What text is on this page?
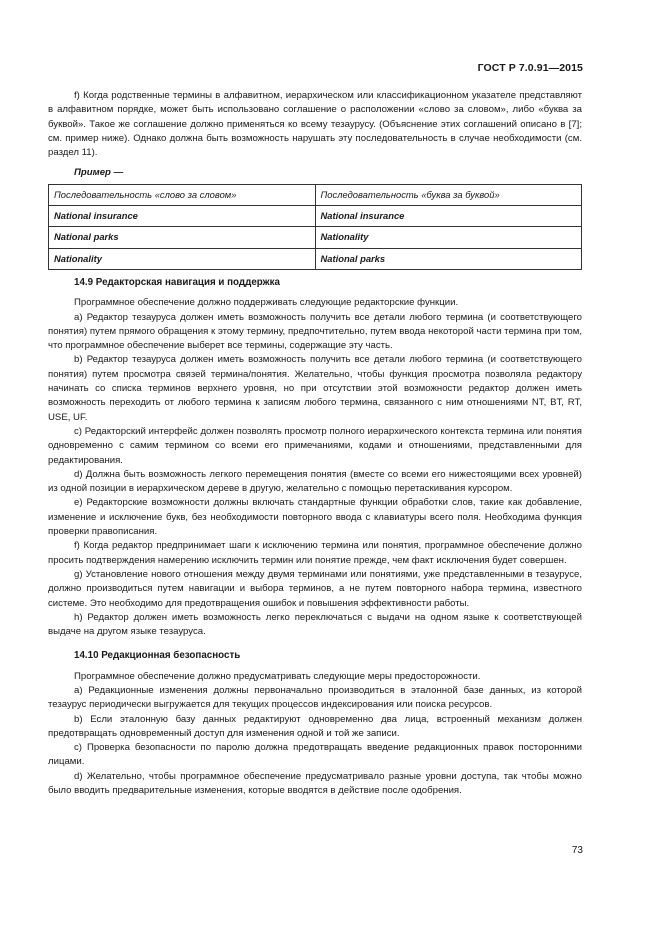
ГОСТ Р 7.0.91—2015

f) Когда родственные термины в алфавитном, иерархическом или классификационном указателе представляют в алфавитном порядке, может быть использовано соглашение о расположении «слово за словом», либо «буква за буквой». Такое же соглашение должно применяться ко всему тезаурусу. (Объяснение этих соглашений описано в [7]; см. пример ниже). Однако должна быть возможность нарушать эту последовательность в случае необходимости (см. раздел 11).

Пример —
Последовательность «слово за словом»	Последовательность «буква за буквой»
National insurance	National insurance
National parks	Nationality
Nationality	National parks
14.9 Редакторская навигация и поддержка

Программное обеспечение должно поддерживать следующие редакторские функции.

а) Редактор тезауруса должен иметь возможность получить все детали любого термина (и соответствующего понятия) путем прямого обращения к этому термину, предпочтительно, путем ввода некоторой части термина при том, что программное обеспечение выберет все термины, содержащие эту часть.

b) Редактор тезауруса должен иметь возможность получить все детали любого термина (и соответствующего понятия) путем просмотра связей термина/понятия. Желательно, чтобы функция просмотра позволяла редактору начинать со списка терминов верхнего уровня, но при отсутствии этой возможности редактор должен иметь возможность переходить от любого термина к записям любого термина, связанного с ним отношениями NT, BT, RT, USE, UF.

с) Редакторский интерфейс должен позволять просмотр полного иерархического контекста термина или понятия одновременно с самим термином со всеми его примечаниями, кодами и отношениями, представленными для редактирования.

d) Должна быть возможность легкого перемещения понятия (вместе со всеми его нижестоящими всех уровней) из одной позиции в иерархическом дереве в другую, желательно с помощью перетаскивания курсором.

е) Редакторские возможности должны включать стандартные функции обработки слов, такие как добавление, изменение и исключение букв, без необходимости повторного ввода с клавиатуры всего поля. Необходима функция проверки правописания.

f) Когда редактор предпринимает шаги к исключению термина или понятия, программное обеспечение должно просить подтверждения намерению исключить термин или понятие прежде, чем факт исключения будет совершен.

g) Установление нового отношения между двумя терминами или понятиями, уже представленными в тезаурусе, должно производиться путем навигации и выбора терминов, а не путем повторного набора термина, известного системе. Это необходимо для предотвращения ошибок и повышения эффективности работы.

h) Редактор должен иметь возможность легко переключаться с выдачи на одном языке к соответствующей выдаче на другом языке тезауруса.

14.10 Редакционная безопасность

Программное обеспечение должно предусматривать следующие меры предосторожности.

а) Редакционные изменения должны первоначально производиться в эталонной базе данных, из которой тезаурус периодически выгружается для текущих процессов индексирования или поиска ресурсов.

b) Если эталонную базу данных редактируют одновременно два лица, встроенный механизм должен предотвращать одновременный доступ для изменения одной и той же записи.

с) Проверка безопасности по паролю должна предотвращать введение редакционных правок посторонними лицами.

d) Желательно, чтобы программное обеспечение предусматривало разные уровни доступа, так чтобы можно было вводить предварительные изменения, которые вводятся в действие после одобрения.

73
